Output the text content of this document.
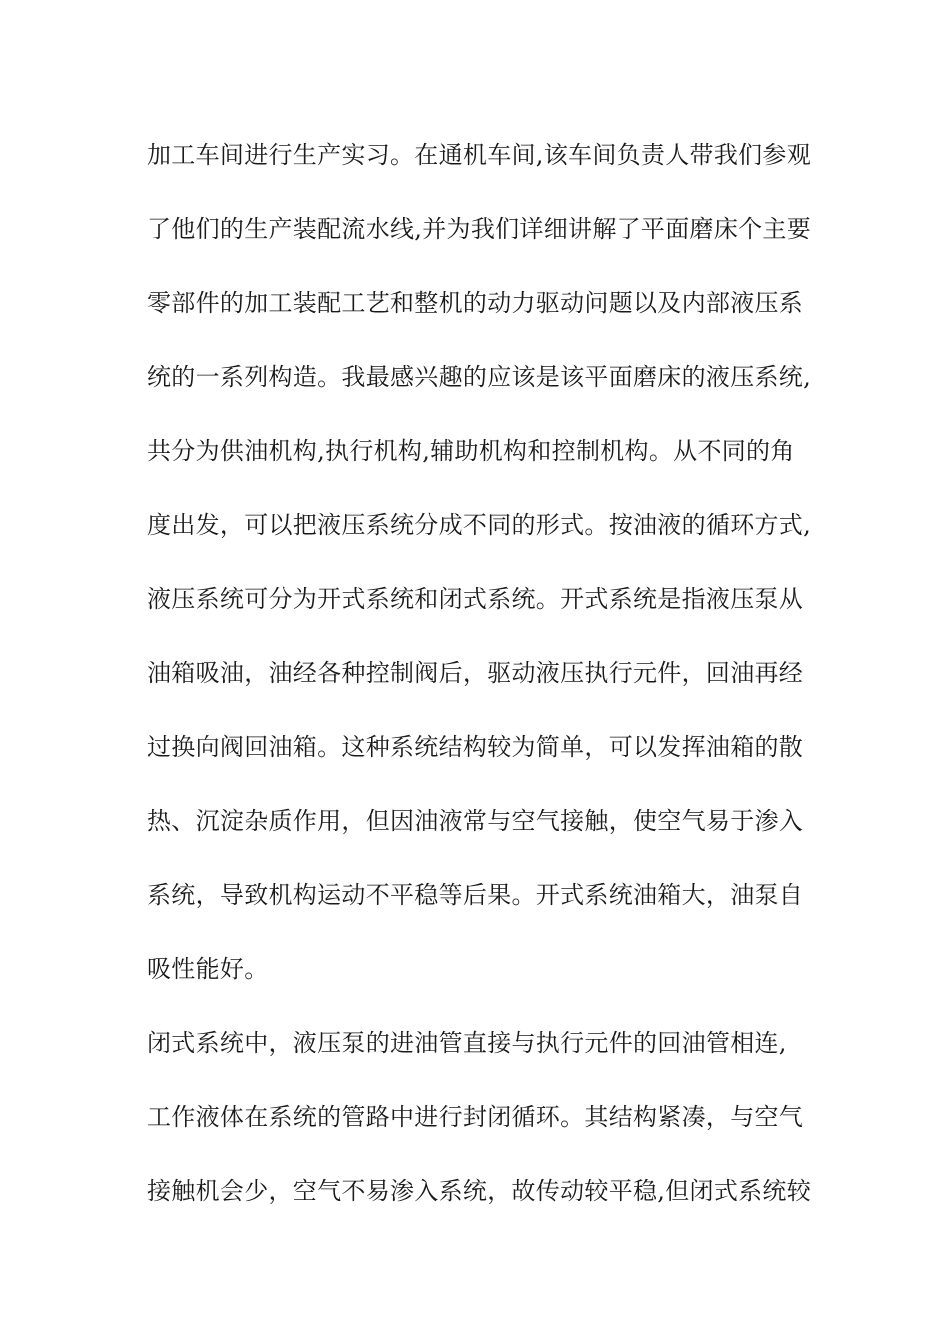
加工车间进行生产实习。在通机车间,该车间负责人带我们参观

了他们的生产装配流水线,并为我们详细讲解了平面磨床个主要

零部件的加工装配工艺和整机的动力驱动问题以及内部液压系

统的一系列构造。我最感兴趣的应该是该平面磨床的液压系统,

共分为供油机构,执行机构,辅助机构和控制机构。从不同的角

度出发，可以把液压系统分成不同的形式。按油液的循环方式,

液压系统可分为开式系统和闭式系统。开式系统是指液压泵从

油箱吸油，油经各种控制阀后，驱动液压执行元件，回油再经

过换向阀回油箱。这种系统结构较为简单，可以发挥油箱的散

热、沉淀杂质作用，但因油液常与空气接触，使空气易于渗入

系统，导致机构运动不平稳等后果。开式系统油箱大，油泵自

吸性能好。

闭式系统中，液压泵的进油管直接与执行元件的回油管相连,

工作液体在系统的管路中进行封闭循环。其结构紧凑，与空气

接触机会少，空气不易渗入系统，故传动较平稳,但闭式系统较
